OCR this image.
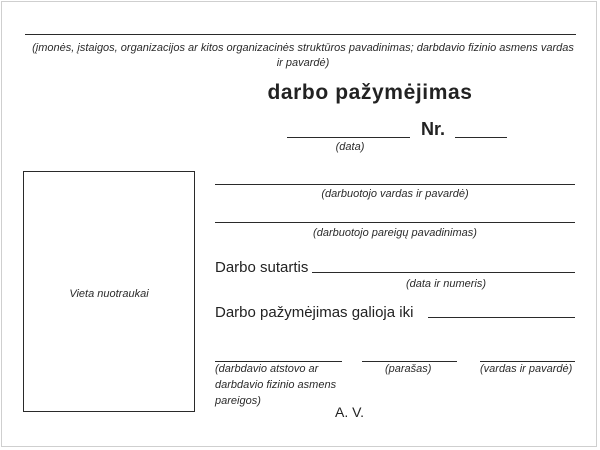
(įmonės, įstaigos, organizacijos ar kitos organizacinės struktūros pavadinimas; darbdavio fizinio asmens vardas ir pavardė)
darbo pažymėjimas
Nr.
(data)
Vieta nuotraukai
(darbuotojo vardas ir pavardė)
(darbuotojo pareigų pavadinimas)
Darbo sutartis
(data ir numeris)
Darbo pažymėjimas galioja iki
(darbdavio atstovo ar darbdavio fizinio asmens pareigos)
(parašas)	(vardas ir pavardė)
A. V.
